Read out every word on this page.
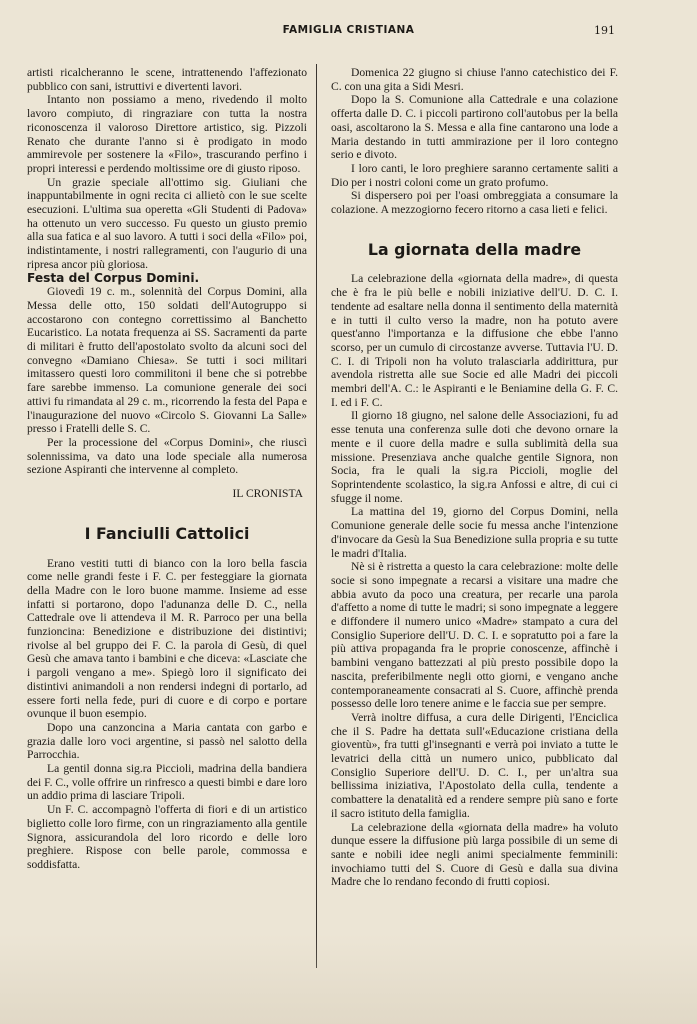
FAMIGLIA CRISTIANA	191

artisti ricalcheranno le scene, intrattenendo l'affezionato pubblico con sani, istruttivi e divertenti lavori.

Intanto non possiamo a meno, rivedendo il molto lavoro compiuto, di ringraziare con tutta la nostra riconoscenza il valoroso Direttore artistico, sig. Pizzoli Renato che durante l'anno si è prodigato in modo ammirevole per sostenere la «Filo», trascurando perfino i propri interessi e perdendo moltissime ore di giusto riposo.

Un grazie speciale all'ottimo sig. Giuliani che inappuntabilmente in ogni recita ci allietò con le sue scelte esecuzioni. L'ultima sua operetta «Gli Studenti di Padova» ha ottenuto un vero successo. Fu questo un giusto premio alla sua fatica e al suo lavoro. A tutti i soci della «Filo» poi, indistintamente, i nostri rallegramenti, con l'augurio di una ripresa ancor più gloriosa.

Festa del Corpus Domini.

Giovedì 19 c. m., solennità del Corpus Domini, alla Messa delle otto, 150 soldati dell'Autogruppo si accostarono con contegno correttissimo al Banchetto Eucaristico. La notata frequenza ai SS. Sacramenti da parte di militari è frutto dell'apostolato svolto da alcuni soci del convegno «Damiano Chiesa». Se tutti i soci militari imitassero questi loro commilitoni il bene che si potrebbe fare sarebbe immenso. La comunione generale dei soci attivi fu rimandata al 29 c. m., ricorrendo la festa del Papa e l'inaugurazione del nuovo «Circolo S. Giovanni La Salle» presso i Fratelli delle S. C.

Per la processione del «Corpus Domini», che riuscì solennissima, va dato una lode speciale alla numerosa sezione Aspiranti che intervenne al completo.

IL CRONISTA
I Fanciulli Cattolici

Erano vestiti tutti di bianco con la loro bella fascia come nelle grandi feste i F. C. per festeggiare la giornata della Madre con le loro buone mamme. Insieme ad esse infatti si portarono, dopo l'adunanza delle D. C., nella Cattedrale ove li attendeva il M. R. Parroco per una bella funzioncina: Benedizione e distribuzione dei distintivi; rivolse al bel gruppo dei F. C. la parola di Gesù, di quel Gesù che amava tanto i bambini e che diceva: «Lasciate che i pargoli vengano a me». Spiegò loro il significato dei distintivi animandoli a non rendersi indegni di portarlo, ad essere forti nella fede, puri di cuore e di corpo e portare ovunque il buon esempio.

Dopo una canzoncina a Maria cantata con garbo e grazia dalle loro voci argentine, si passò nel salotto della Parrocchia.

La gentil donna sig.ra Piccioli, madrina della bandiera dei F. C., volle offrire un rinfresco a questi bimbi e dare loro un addio prima di lasciare Tripoli.

Un F. C. accompagnò l'offerta di fiori e di un artistico biglietto colle loro firme, con un ringraziamento alla gentile Signora, assicurandola del loro ricordo e delle loro preghiere. Rispose con belle parole, commossa e soddisfatta.

Domenica 22 giugno si chiuse l'anno catechistico dei F. C. con una gita a Sidi Mesri.

Dopo la S. Comunione alla Cattedrale e una colazione offerta dalle D. C. i piccoli partirono coll'autobus per la bella oasi, ascoltarono la S. Messa e alla fine cantarono una lode a Maria destando in tutti ammirazione per il loro contegno serio e divoto.

I loro canti, le loro preghiere saranno certamente saliti a Dio per i nostri coloni come un grato profumo.

Si dispersero poi per l'oasi ombreggiata a consumare la colazione. A mezzogiorno fecero ritorno a casa lieti e felici.

La giornata della madre

La celebrazione della «giornata della madre», di questa che è fra le più belle e nobili iniziative dell'U. D. C. I. tendente ad esaltare nella donna il sentimento della maternità e in tutti il culto verso la madre, non ha potuto avere quest'anno l'importanza e la diffusione che ebbe l'anno scorso, per un cumulo di circostanze avverse. Tuttavia l'U. D. C. I. di Tripoli non ha voluto tralasciarla addirittura, pur avendola ristretta alle sue Socie ed alle Madri dei piccoli membri dell'A. C.: le Aspiranti e le Beniamine della G. F. C. I. ed i F. C.

Il giorno 18 giugno, nel salone delle Associazioni, fu ad esse tenuta una conferenza sulle doti che devono ornare la mente e il cuore della madre e sulla sublimità della sua missione. Presenziava anche qualche gentile Signora, non Socia, fra le quali la sig.ra Piccioli, moglie del Soprintendente scolastico, la sig.ra Anfossi e altre, di cui ci sfugge il nome.

La mattina del 19, giorno del Corpus Domini, nella Comunione generale delle socie fu messa anche l'intenzione d'invocare da Gesù la Sua Benedizione sulla propria e su tutte le madri d'Italia.

Nè si è ristretta a questo la cara celebrazione: molte delle socie si sono impegnate a recarsi a visitare una madre che abbia avuto da poco una creatura, per recarle una parola d'affetto a nome di tutte le madri; si sono impegnate a leggere e diffondere il numero unico «Madre» stampato a cura del Consiglio Superiore dell'U. D. C. I. e sopratutto poi a fare la più attiva propaganda fra le proprie conoscenze, affinchè i bambini vengano battezzati al più presto possibile dopo la nascita, preferibilmente negli otto giorni, e vengano anche contemporaneamente consacrati al S. Cuore, affinchè prenda possesso delle loro tenere anime e le faccia sue per sempre.

Verrà inoltre diffusa, a cura delle Dirigenti, l'Enciclica che il S. Padre ha dettata sull'«Educazione cristiana della gioventù», fra tutti gl'insegnanti e verrà poi inviato a tutte le levatrici della città un numero unico, pubblicato dal Consiglio Superiore dell'U. D. C. I., per un'altra sua bellissima iniziativa, l'Apostolato della culla, tendente a combattere la denatalità ed a rendere sempre più sano e forte il sacro istituto della famiglia.

La celebrazione della «giornata della madre» ha voluto dunque essere la diffusione più larga possibile di un seme di sante e nobili idee negli animi specialmente femminili: invochiamo tutti del S. Cuore di Gesù e dalla sua divina Madre che lo rendano fecondo di frutti copiosi.
